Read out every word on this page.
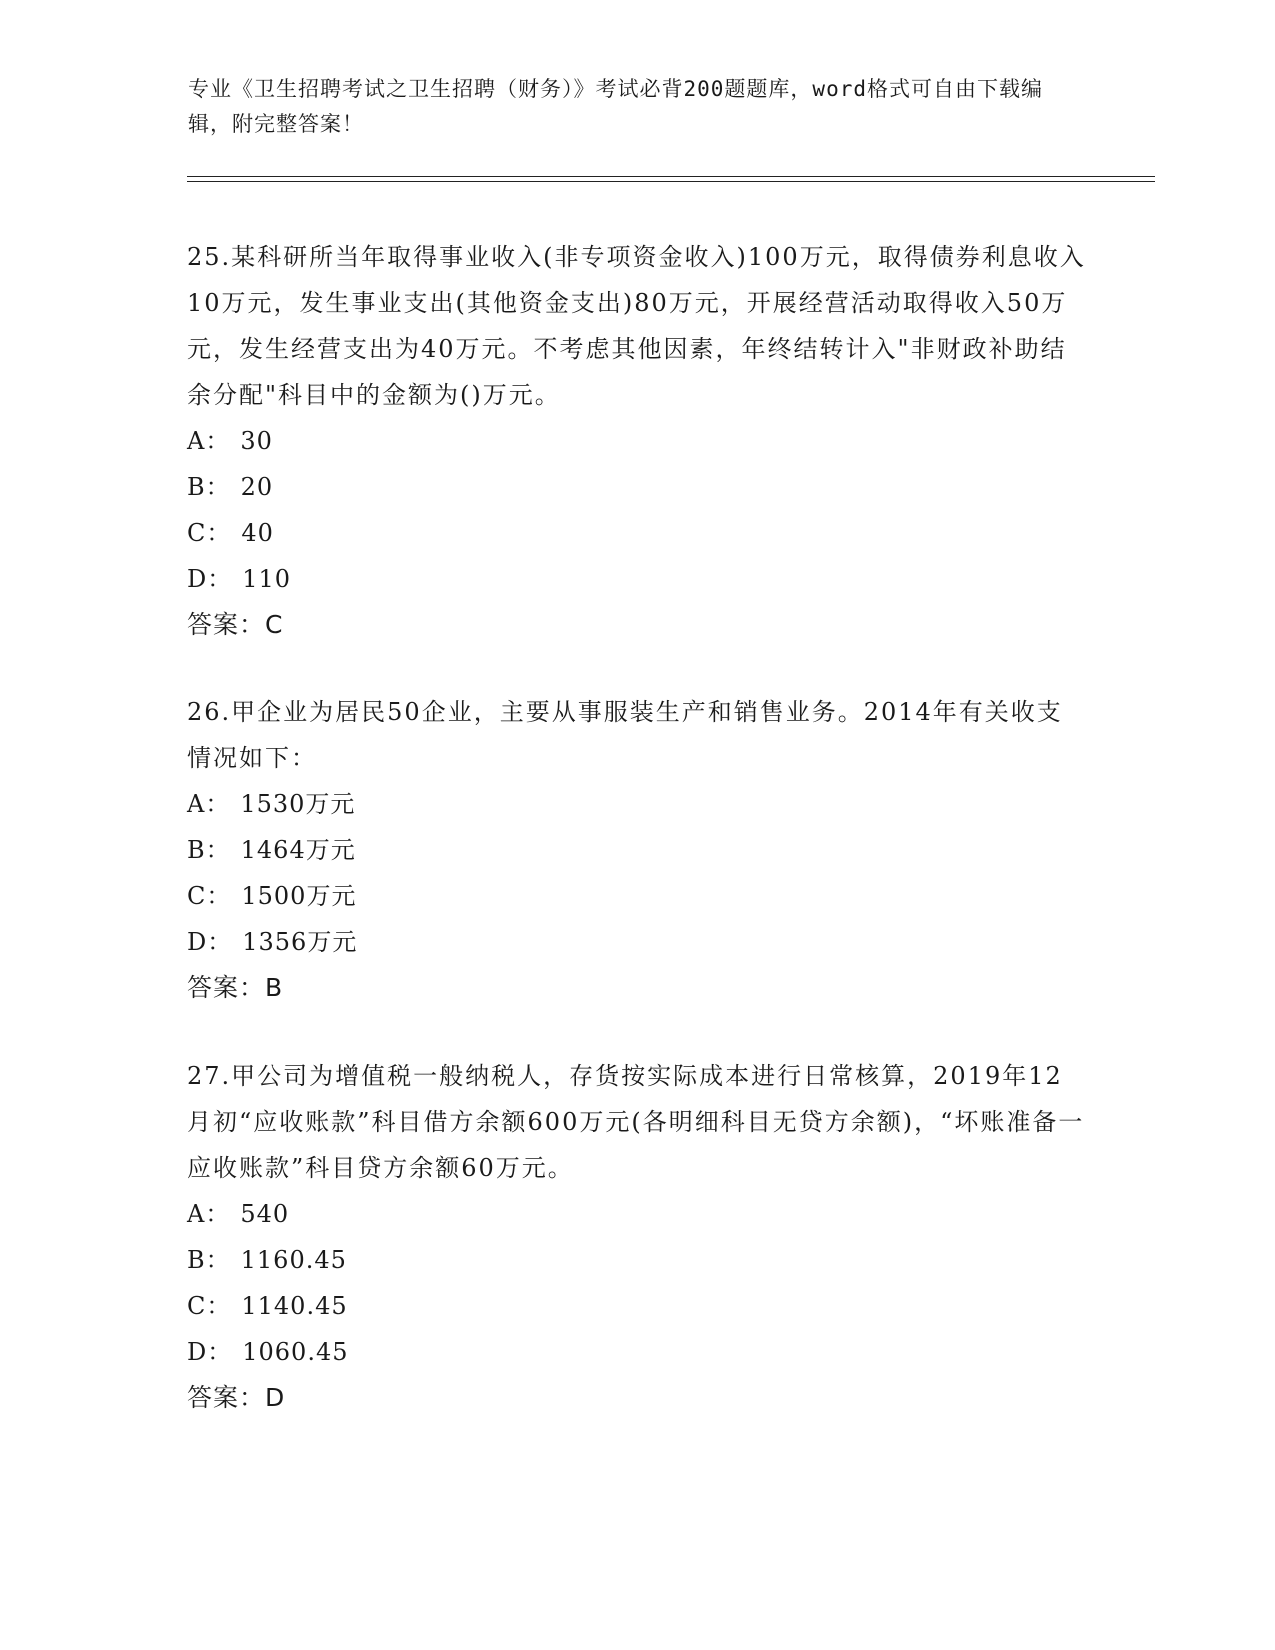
专业《卫生招聘考试之卫生招聘（财务）》考试必背200题题库，word格式可自由下载编辑，附完整答案！

25.某科研所当年取得事业收入(非专项资金收入)100万元，取得债券利息收入10万元，发生事业支出(其他资金支出)80万元，开展经营活动取得收入50万元，发生经营支出为40万元。不考虑其他因素，年终结转计入"非财政补助结余分配"科目中的金额为()万元。

A： 30

B： 20

C： 40

D： 110

答案：C

26.甲企业为居民50企业，主要从事服装生产和销售业务。2014年有关收支情况如下：

A： 1530万元

B： 1464万元

C： 1500万元

D： 1356万元

答案：B

27.甲公司为增值税一般纳税人，存货按实际成本进行日常核算，2019年12月初“应收账款”科目借方余额600万元(各明细科目无贷方余额)，“坏账准备一应收账款”科目贷方余额60万元。

A： 540

B： 1160.45

C： 1140.45

D： 1060.45

答案：D
